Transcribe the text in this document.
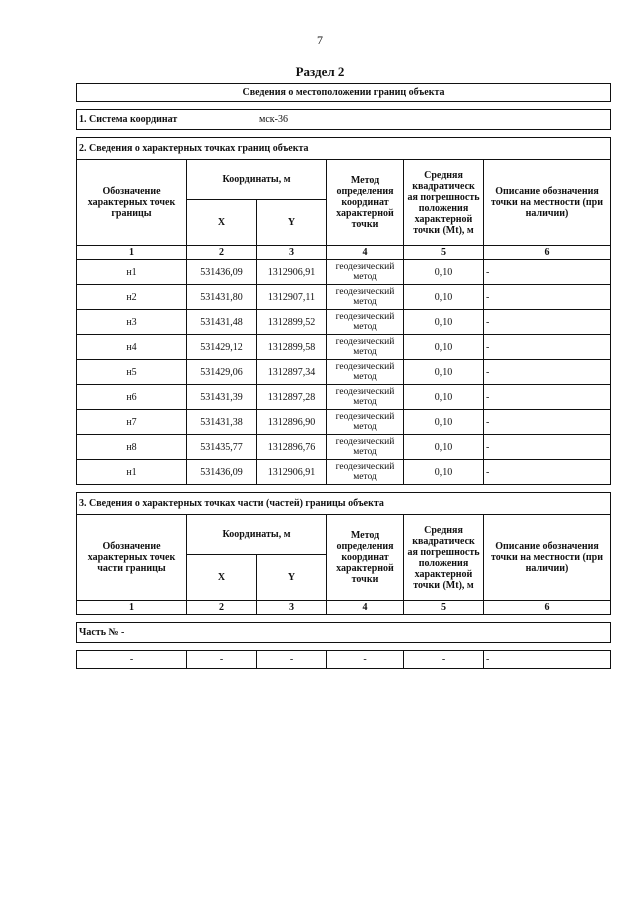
7
Раздел 2
Сведения о местоположении границ объекта					

1. Система координат мск-36					

2. Сведения о характерных точках границ объекта					
Обозначение характерных точек границы	Координаты, м		Метод определения координат характерной точки	Средняя квадратическ ая погрешность положения характерной точки (Mt), м	Описание обозначения точки на местности (при наличии)
	X	Y			
1	2	3	4	5	6
н1	531436,09	1312906,91	геодезический метод	0,10	-
н2	531431,80	1312907,11	геодезический метод	0,10	-
н3	531431,48	1312899,52	геодезический метод	0,10	-
н4	531429,12	1312899,58	геодезический метод	0,10	-
н5	531429,06	1312897,34	геодезический метод	0,10	-
н6	531431,39	1312897,28	геодезический метод	0,10	-
н7	531431,38	1312896,90	геодезический метод	0,10	-
н8	531435,77	1312896,76	геодезический метод	0,10	-
н1	531436,09	1312906,91	геодезический метод	0,10	-

3. Сведения о характерных точках части (частей) границы объекта					
Обозначение характерных точек части границы	Координаты, м		Метод определения координат характерной точки	Средняя квадратическ ая погрешность положения характерной точки (Mt), м	Описание обозначения точки на местности (при наличии)
	X	Y			
1	2	3	4	5	6

Часть № -					

-	-	-	-	-	-
